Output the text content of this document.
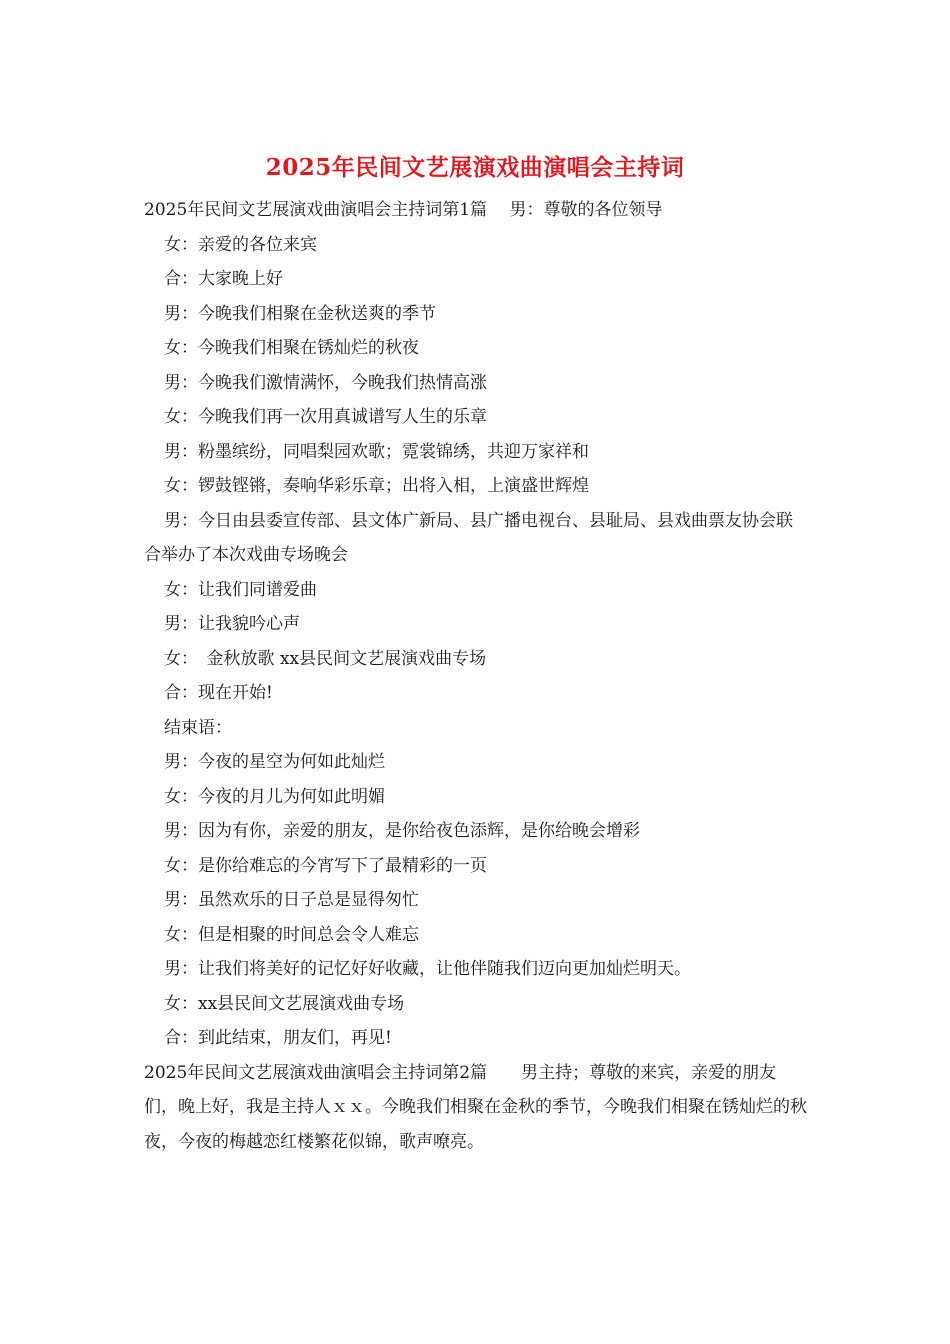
2025年民间文艺展演戏曲演唱会主持词
2025年民间文艺展演戏曲演唱会主持词第1篇　 男：尊敬的各位领导
女：亲爱的各位来宾
合：大家晚上好
男：今晚我们相聚在金秋送爽的季节
女：今晚我们相聚在锈灿烂的秋夜
男：今晚我们激情满怀，今晚我们热情高涨
女：今晚我们再一次用真诚谱写人生的乐章
男：粉墨缤纷，同唱梨园欢歌；霓裳锦绣，共迎万家祥和
女：锣鼓铿锵，奏响华彩乐章；出将入相，上演盛世辉煌
男：今日由县委宣传部、县文体广新局、县广播电视台、县耻局、县戏曲票友协会联合举办了本次戏曲专场晚会
女：让我们同谱爱曲
男：让我貌吟心声
女：　金秋放歌 xx县民间文艺展演戏曲专场
合：现在开始!
结束语：
男：今夜的星空为何如此灿烂
女：今夜的月儿为何如此明媚
男：因为有你，亲爱的朋友，是你给夜色添辉，是你给晚会增彩
女：是你给难忘的今宵写下了最精彩的一页
男：虽然欢乐的日子总是显得匆忙
女：但是相聚的时间总会令人难忘
男：让我们将美好的记忆好好收藏，让他伴随我们迈向更加灿烂明天。
女：xx县民间文艺展演戏曲专场
合：到此结束，朋友们，再见!
2025年民间文艺展演戏曲演唱会主持词第2篇　　男主持；尊敬的来宾，亲爱的朋友们，晚上好，我是主持人ｘｘ。今晚我们相聚在金秋的季节，今晚我们相聚在锈灿烂的秋夜，今夜的梅越恋红楼繁花似锦，歌声嘹亮。
